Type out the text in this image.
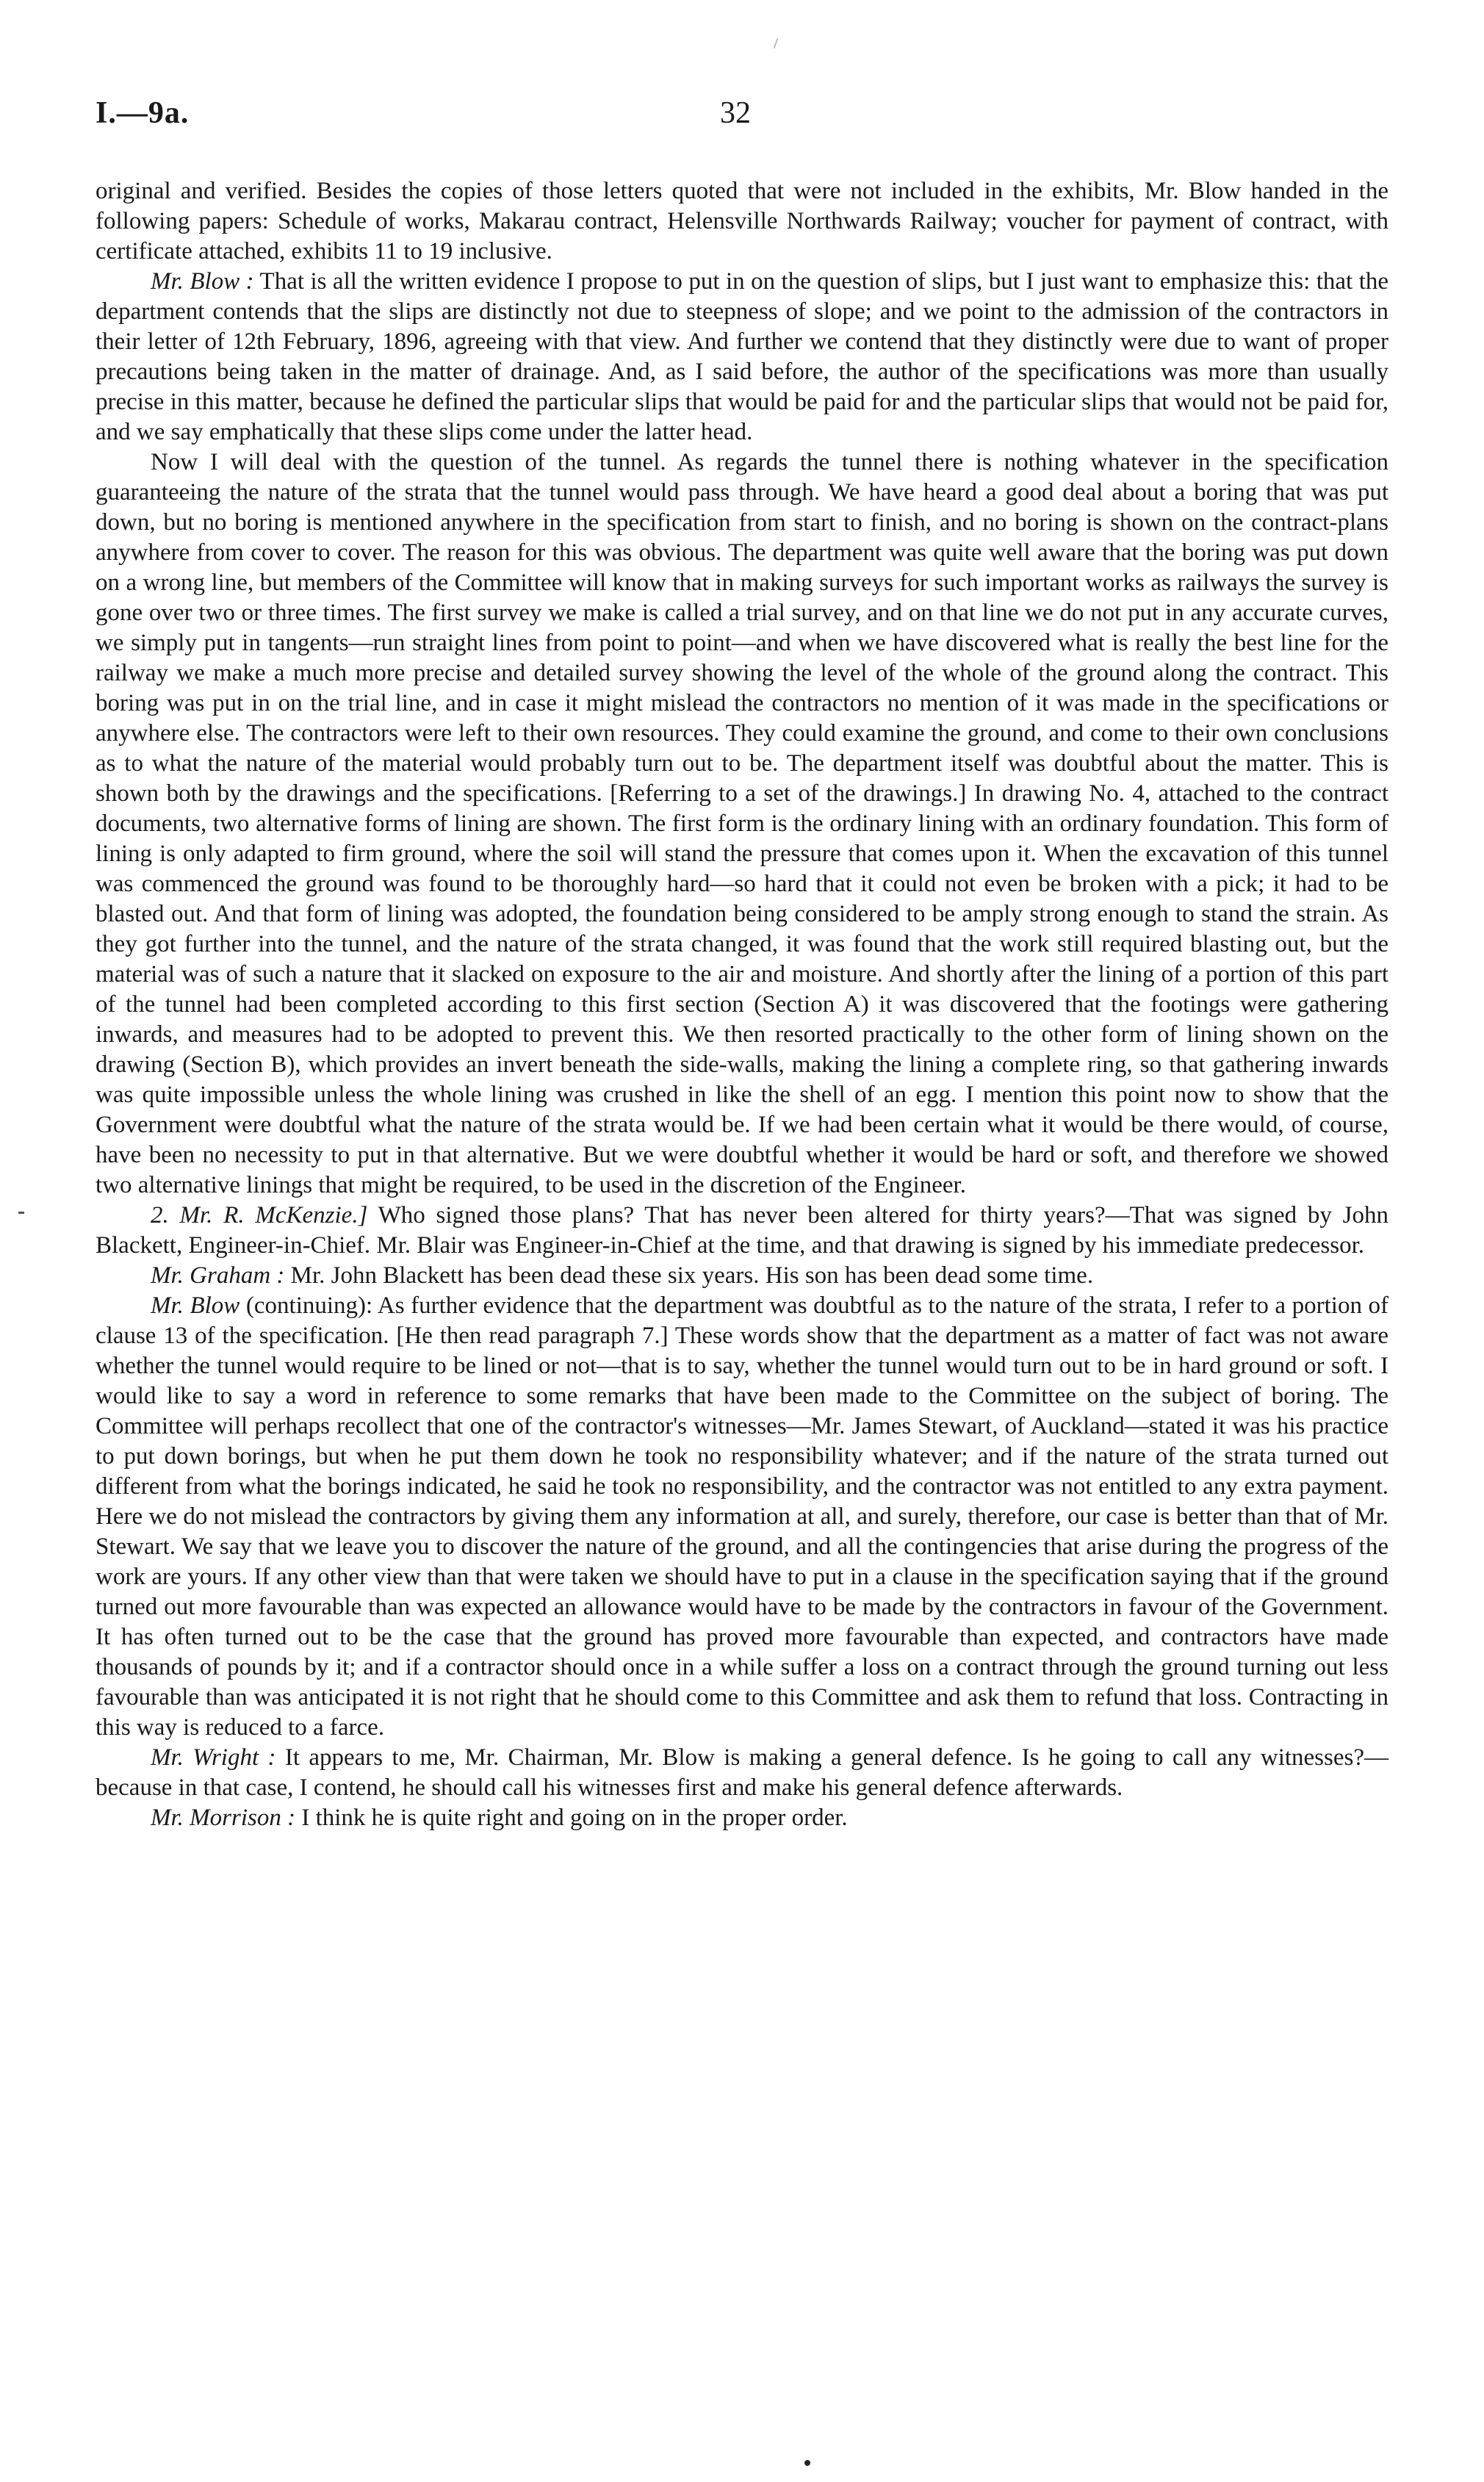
I.—9a.	32

original and verified. Besides the copies of those letters quoted that were not included in the exhibits, Mr. Blow handed in the following papers: Schedule of works, Makarau contract, Helensville Northwards Railway; voucher for payment of contract, with certificate attached, exhibits 11 to 19 inclusive.

Mr. Blow : That is all the written evidence I propose to put in on the question of slips, but I just want to emphasize this: that the department contends that the slips are distinctly not due to steepness of slope; and we point to the admission of the contractors in their letter of 12th February, 1896, agreeing with that view. And further we contend that they distinctly were due to want of proper precautions being taken in the matter of drainage. And, as I said before, the author of the specifications was more than usually precise in this matter, because he defined the particular slips that would be paid for and the particular slips that would not be paid for, and we say emphatically that these slips come under the latter head.

Now I will deal with the question of the tunnel. As regards the tunnel there is nothing whatever in the specification guaranteeing the nature of the strata that the tunnel would pass through. We have heard a good deal about a boring that was put down, but no boring is mentioned anywhere in the specification from start to finish, and no boring is shown on the contract-plans anywhere from cover to cover. The reason for this was obvious. The department was quite well aware that the boring was put down on a wrong line, but members of the Committee will know that in making surveys for such important works as railways the survey is gone over two or three times. The first survey we make is called a trial survey, and on that line we do not put in any accurate curves, we simply put in tangents—run straight lines from point to point—and when we have discovered what is really the best line for the railway we make a much more precise and detailed survey showing the level of the whole of the ground along the contract. This boring was put in on the trial line, and in case it might mislead the contractors no mention of it was made in the specifications or anywhere else. The contractors were left to their own resources. They could examine the ground, and come to their own conclusions as to what the nature of the material would probably turn out to be. The department itself was doubtful about the matter. This is shown both by the drawings and the specifications. [Referring to a set of the drawings.] In drawing No. 4, attached to the contract documents, two alternative forms of lining are shown. The first form is the ordinary lining with an ordinary foundation. This form of lining is only adapted to firm ground, where the soil will stand the pressure that comes upon it. When the excavation of this tunnel was commenced the ground was found to be thoroughly hard—so hard that it could not even be broken with a pick; it had to be blasted out. And that form of lining was adopted, the foundation being considered to be amply strong enough to stand the strain. As they got further into the tunnel, and the nature of the strata changed, it was found that the work still required blasting out, but the material was of such a nature that it slacked on exposure to the air and moisture. And shortly after the lining of a portion of this part of the tunnel had been completed according to this first section (Section A) it was discovered that the footings were gathering inwards, and measures had to be adopted to prevent this. We then resorted practically to the other form of lining shown on the drawing (Section B), which provides an invert beneath the side-walls, making the lining a complete ring, so that gathering inwards was quite impossible unless the whole lining was crushed in like the shell of an egg. I mention this point now to show that the Government were doubtful what the nature of the strata would be. If we had been certain what it would be there would, of course, have been no necessity to put in that alternative. But we were doubtful whether it would be hard or soft, and therefore we showed two alternative linings that might be required, to be used in the discretion of the Engineer.

2. Mr. R. McKenzie.] Who signed those plans? That has never been altered for thirty years?—That was signed by John Blackett, Engineer-in-Chief. Mr. Blair was Engineer-in-Chief at the time, and that drawing is signed by his immediate predecessor.

Mr. Graham : Mr. John Blackett has been dead these six years. His son has been dead some time.

Mr. Blow (continuing): As further evidence that the department was doubtful as to the nature of the strata, I refer to a portion of clause 13 of the specification. [He then read paragraph 7.] These words show that the department as a matter of fact was not aware whether the tunnel would require to be lined or not—that is to say, whether the tunnel would turn out to be in hard ground or soft. I would like to say a word in reference to some remarks that have been made to the Committee on the subject of boring. The Committee will perhaps recollect that one of the contractor's witnesses—Mr. James Stewart, of Auckland—stated it was his practice to put down borings, but when he put them down he took no responsibility whatever; and if the nature of the strata turned out different from what the borings indicated, he said he took no responsibility, and the contractor was not entitled to any extra payment. Here we do not mislead the contractors by giving them any information at all, and surely, therefore, our case is better than that of Mr. Stewart. We say that we leave you to discover the nature of the ground, and all the contingencies that arise during the progress of the work are yours. If any other view than that were taken we should have to put in a clause in the specification saying that if the ground turned out more favourable than was expected an allowance would have to be made by the contractors in favour of the Government. It has often turned out to be the case that the ground has proved more favourable than expected, and contractors have made thousands of pounds by it; and if a contractor should once in a while suffer a loss on a contract through the ground turning out less favourable than was anticipated it is not right that he should come to this Committee and ask them to refund that loss. Contracting in this way is reduced to a farce.

Mr. Wright : It appears to me, Mr. Chairman, Mr. Blow is making a general defence. Is he going to call any witnesses?—because in that case, I contend, he should call his witnesses first and make his general defence afterwards.

Mr. Morrison : I think he is quite right and going on in the proper order.
